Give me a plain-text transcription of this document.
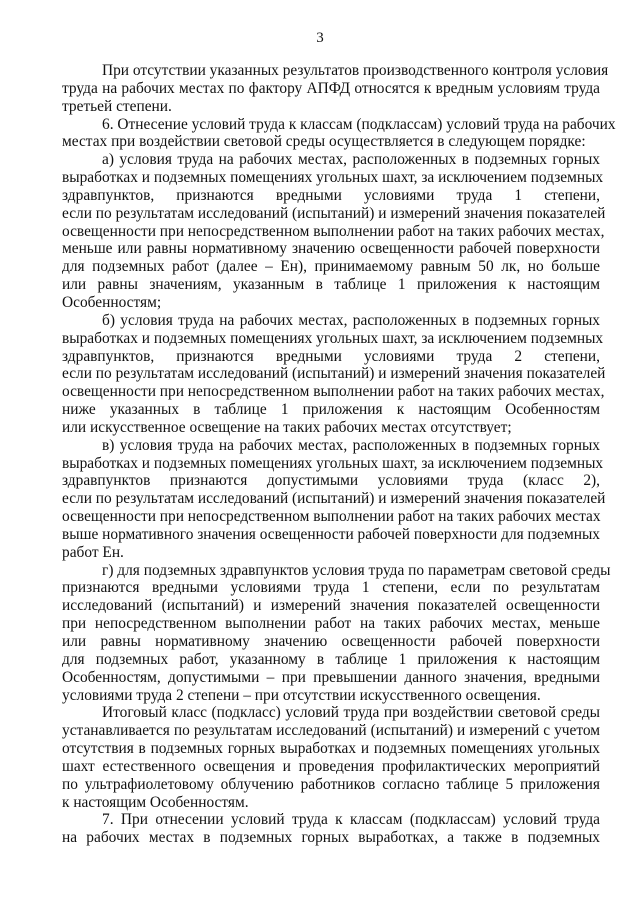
3
При отсутствии указанных результатов производственного контроля условия
труда на рабочих местах по фактору АПФД относятся к вредным условиям труда
третьей степени.
6. Отнесение условий труда к классам (подклассам) условий труда на рабочих
местах при воздействии световой среды осуществляется в следующем порядке:
а) условия труда на рабочих местах, расположенных в подземных горных
выработках и подземных помещениях угольных шахт, за исключением подземных
здравпунктов, признаются вредными условиями труда 1 степени,
если по результатам исследований (испытаний) и измерений значения показателей
освещенности при непосредственном выполнении работ на таких рабочих местах,
меньше или равны нормативному значению освещенности рабочей поверхности
для подземных работ (далее – Ен), принимаемому равным 50 лк, но больше
или равны значениям, указанным в таблице 1 приложения к настоящим
Особенностям;
б) условия труда на рабочих местах, расположенных в подземных горных
выработках и подземных помещениях угольных шахт, за исключением подземных
здравпунктов, признаются вредными условиями труда 2 степени,
если по результатам исследований (испытаний) и измерений значения показателей
освещенности при непосредственном выполнении работ на таких рабочих местах,
ниже указанных в таблице 1 приложения к настоящим Особенностям
или искусственное освещение на таких рабочих местах отсутствует;
в) условия труда на рабочих местах, расположенных в подземных горных
выработках и подземных помещениях угольных шахт, за исключением подземных
здравпунктов признаются допустимыми условиями труда (класс 2),
если по результатам исследований (испытаний) и измерений значения показателей
освещенности при непосредственном выполнении работ на таких рабочих местах
выше нормативного значения освещенности рабочей поверхности для подземных
работ Ен.
г) для подземных здравпунктов условия труда по параметрам световой среды
признаются вредными условиями труда 1 степени, если по результатам
исследований (испытаний) и измерений значения показателей освещенности
при непосредственном выполнении работ на таких рабочих местах, меньше
или равны нормативному значению освещенности рабочей поверхности
для подземных работ, указанному в таблице 1 приложения к настоящим
Особенностям, допустимыми – при превышении данного значения, вредными
условиями труда 2 степени – при отсутствии искусственного освещения.
Итоговый класс (подкласс) условий труда при воздействии световой среды
устанавливается по результатам исследований (испытаний) и измерений с учетом
отсутствия в подземных горных выработках и подземных помещениях угольных
шахт естественного освещения и проведения профилактических мероприятий
по ультрафиолетовому облучению работников согласно таблице 5 приложения
к настоящим Особенностям.
7. При отнесении условий труда к классам (подклассам) условий труда
на рабочих местах в подземных горных выработках, а также в подземных
